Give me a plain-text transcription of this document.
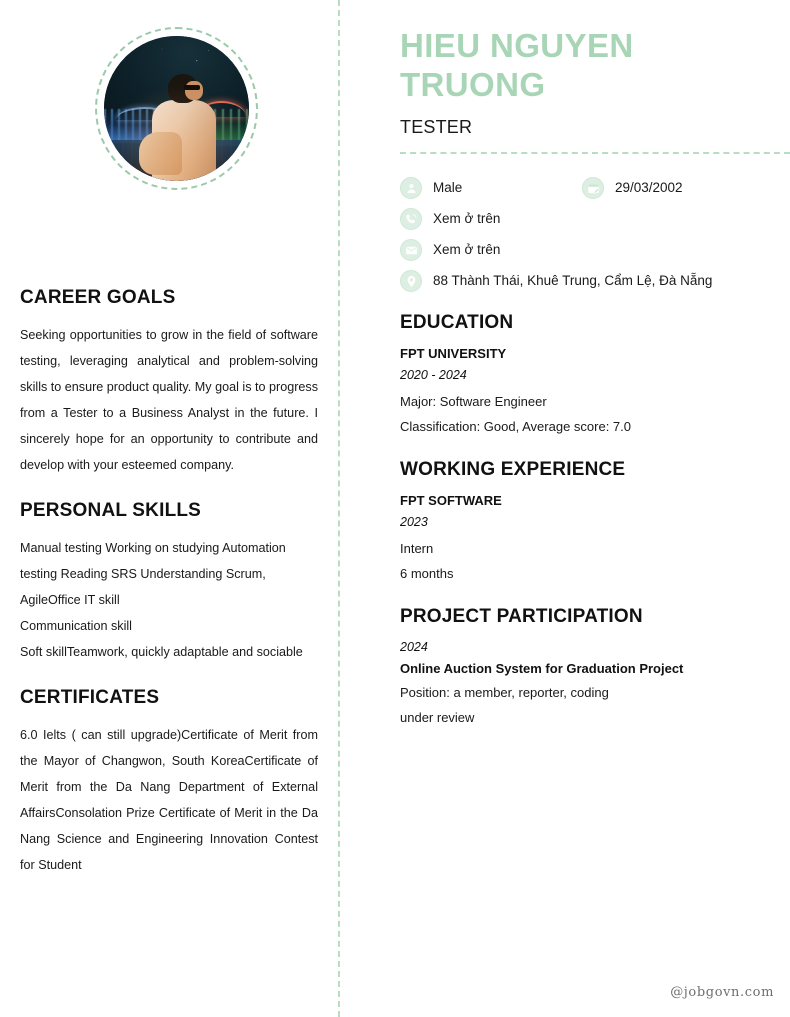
CAREER GOALS
Seeking opportunities to grow in the field of software testing, leveraging analytical and problem-solving skills to ensure product quality. My goal is to progress from a Tester to a Business Analyst in the future. I sincerely hope for an opportunity to contribute and develop with your esteemed company.
PERSONAL SKILLS
Manual testing Working on studying Automation testing Reading SRS Understanding Scrum, AgileOffice IT skill
Communication skill
Soft skillTeamwork, quickly adaptable and sociable
CERTIFICATES
6.0 Ielts ( can still upgrade)Certificate of Merit from the Mayor of Changwon, South KoreaCertificate of Merit from the Da Nang Department of External AffairsConsolation Prize Certificate of Merit in the Da Nang Science and Engineering Innovation Contest for Student
HIEU NGUYEN TRUONG
TESTER
Male	29/03/2002
Xem ở trên
Xem ở trên
88 Thành Thái, Khuê Trung, Cẩm Lệ, Đà Nẵng
EDUCATION
FPT UNIVERSITY
2020 - 2024
Major: Software Engineer
Classification: Good, Average score: 7.0
WORKING EXPERIENCE
FPT SOFTWARE
2023
Intern
6 months
PROJECT PARTICIPATION
2024
Online Auction System for Graduation Project
Position: a member, reporter, coding
under review
@jobgovn.com
